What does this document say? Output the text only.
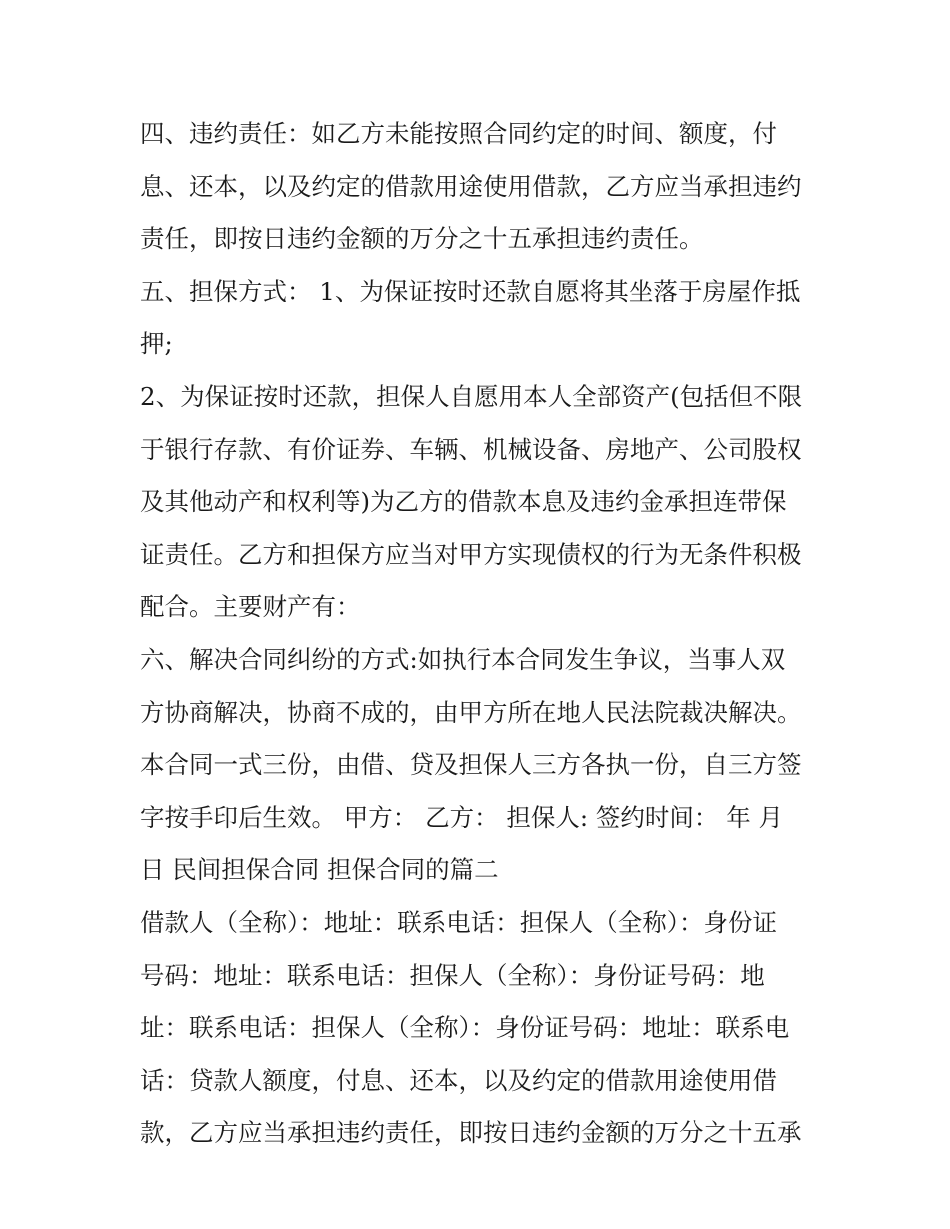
四、违约责任：如乙方未能按照合同约定的时间、额度，付
息、还本，以及约定的借款用途使用借款，乙方应当承担违约
责任，即按日违约金额的万分之十五承担违约责任。
五、担保方式： 1、为保证按时还款自愿将其坐落于房屋作抵
押;
2、为保证按时还款，担保人自愿用本人全部资产(包括但不限
于银行存款、有价证券、车辆、机械设备、房地产、公司股权
及其他动产和权利等)为乙方的借款本息及违约金承担连带保
证责任。乙方和担保方应当对甲方实现债权的行为无条件积极
配合。主要财产有：
六、解决合同纠纷的方式:如执行本合同发生争议，当事人双
方协商解决，协商不成的，由甲方所在地人民法院裁决解决。
本合同一式三份，由借、贷及担保人三方各执一份，自三方签
字按手印后生效。 甲方： 乙方： 担保人: 签约时间： 年 月
日 民间担保合同 担保合同的篇二
借款人（全称）：地址：联系电话：担保人（全称）：身份证
号码：地址：联系电话：担保人（全称）：身份证号码：地
址：联系电话：担保人（全称）：身份证号码：地址：联系电
话：贷款人额度，付息、还本，以及约定的借款用途使用借
款，乙方应当承担违约责任，即按日违约金额的万分之十五承
